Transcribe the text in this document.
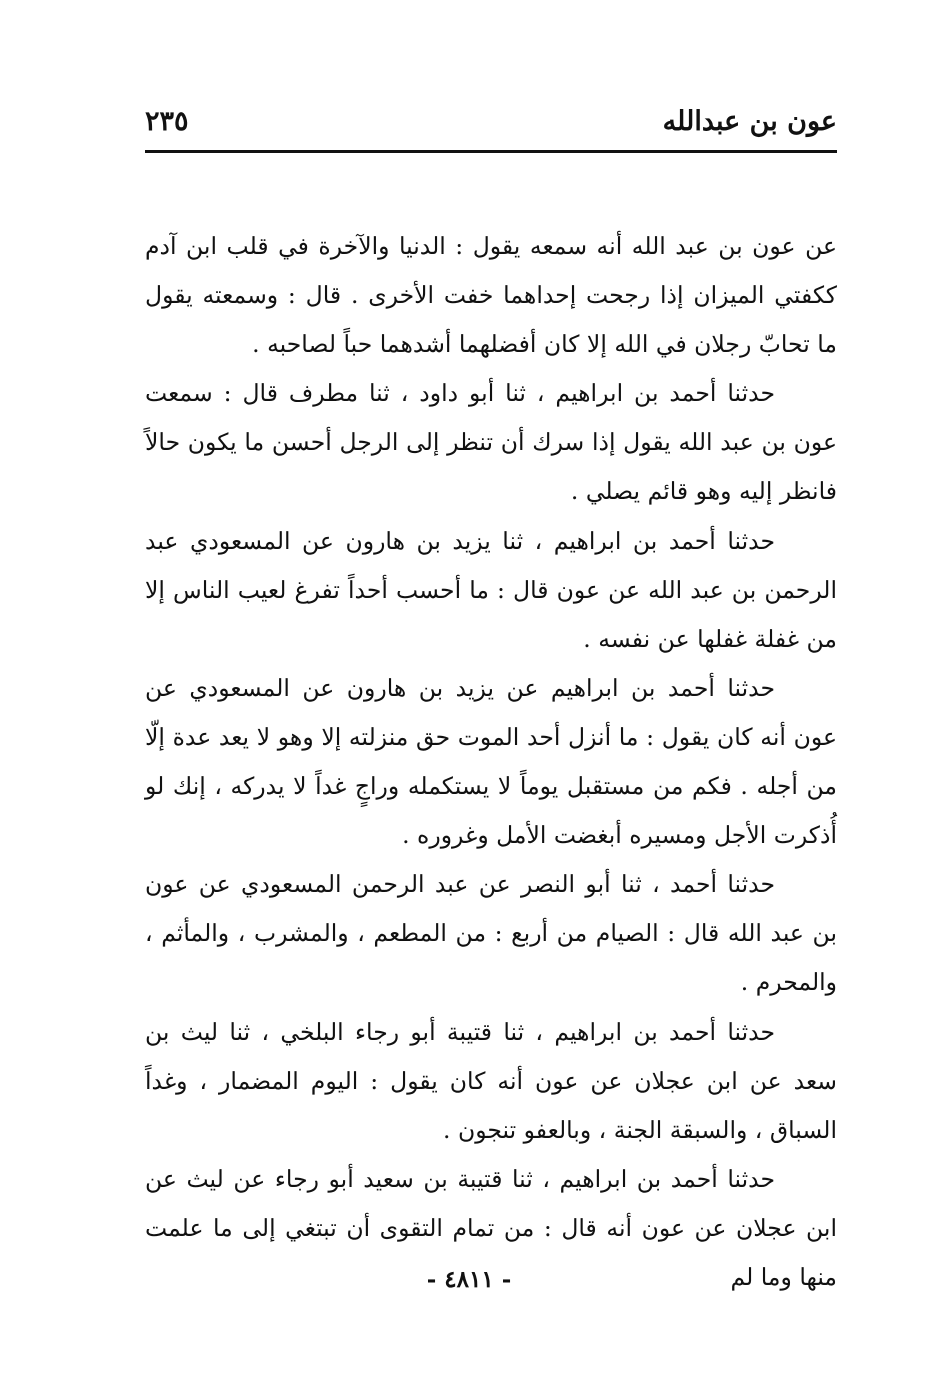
عون بن عبدالله
٢٣٥

عن عون بن عبد الله أنه سمعه يقول : الدنيا والآخرة في قلب ابن آدم ككفتي الميزان إذا رجحت إحداهما خفت الأخرى . قال : وسمعته يقول ما تحابّ رجلان في الله إلا كان أفضلهما أشدهما حباً لصاحبه .

حدثنا أحمد بن ابراهيم ، ثنا أبو داود ، ثنا مطرف قال : سمعت عون بن عبد الله يقول إذا سرك أن تنظر إلى الرجل أحسن ما يكون حالاً فانظر إليه وهو قائم يصلي .

حدثنا أحمد بن ابراهيم ، ثنا يزيد بن هارون عن المسعودي عبد الرحمن بن عبد الله عن عون قال : ما أحسب أحداً تفرغ لعيب الناس إلا من غفلة غفلها عن نفسه .

حدثنا أحمد بن ابراهيم عن يزيد بن هارون عن المسعودي عن عون أنه كان يقول : ما أنزل أحد الموت حق منزلته إلا وهو لا يعد عدة إلّا من أجله . فكم من مستقبل يوماً لا يستكمله وراجٍ غداً لا يدركه ، إنك لو أُذكرت الأجل ومسيره أبغضت الأمل وغروره .

حدثنا أحمد ، ثنا أبو النصر عن عبد الرحمن المسعودي عن عون بن عبد الله قال : الصيام من أربع : من المطعم ، والمشرب ، والمأثم ، والمحرم .

حدثنا أحمد بن ابراهيم ، ثنا قتيبة أبو رجاء البلخي ، ثنا ليث بن سعد عن ابن عجلان عن عون أنه كان يقول : اليوم المضمار ، وغداً السباق ، والسبقة الجنة ، وبالعفو تنجون .

حدثنا أحمد بن ابراهيم ، ثنا قتيبة بن سعيد أبو رجاء عن ليث عن ابن عجلان عن عون أنه قال : من تمام التقوى أن تبتغي إلى ما علمت منها وما لم

- ٤٨١١ -
